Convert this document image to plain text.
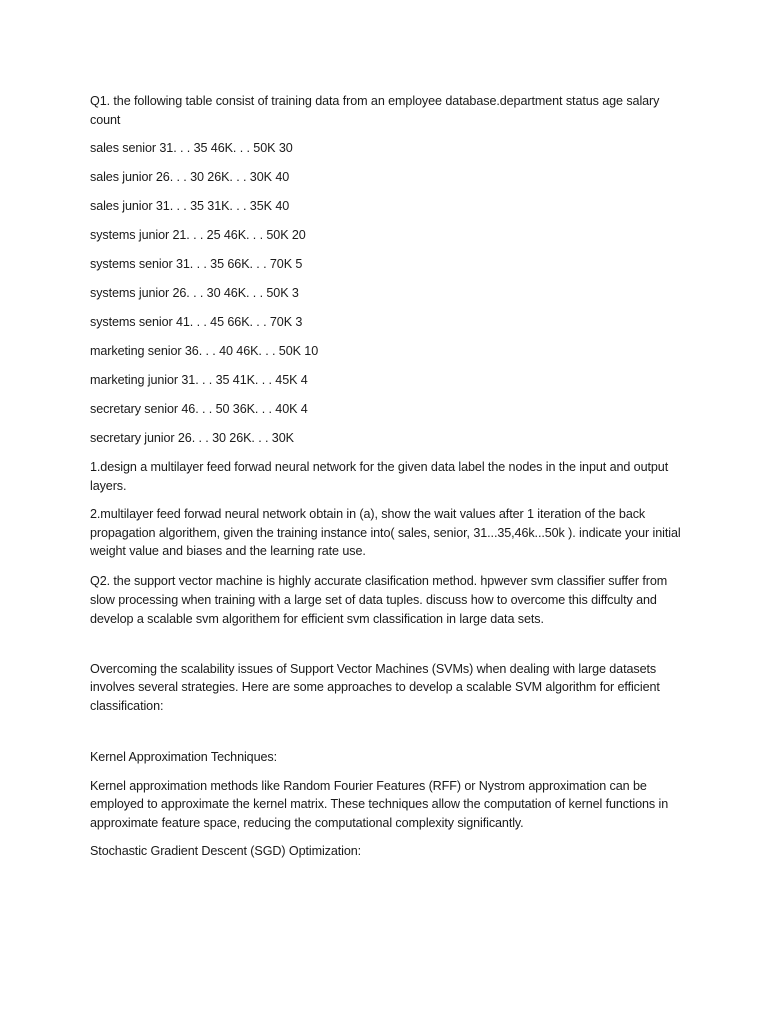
Q1. the following table consist of training data from an employee database.department status age salary count

sales senior 31. . . 35 46K. . . 50K 30

sales junior 26. . . 30 26K. . . 30K 40

sales junior 31. . . 35 31K. . . 35K 40

systems junior 21. . . 25 46K. . . 50K 20

systems senior 31. . . 35 66K. . . 70K 5

systems junior 26. . . 30 46K. . . 50K 3

systems senior 41. . . 45 66K. . . 70K 3

marketing senior 36. . . 40 46K. . . 50K 10

marketing junior 31. . . 35 41K. . . 45K 4

secretary senior 46. . . 50 36K. . . 40K 4

secretary junior 26. . . 30 26K. . . 30K

1.design a multilayer feed forwad neural network for the given data label the nodes in the input and output layers.

2.multilayer feed forwad neural network obtain in (a), show the wait values after 1 iteration of the back propagation algorithem, given the training instance into( sales, senior, 31...35,46k...50k ). indicate your initial weight value and biases and the learning rate use.

Q2. the support vector machine is highly accurate clasification method. hpwever svm classifier suffer from slow processing when training with a large set of data tuples. discuss how to overcome this diffculty and develop a scalable svm algorithem for efficient svm classification in large data sets.

Overcoming the scalability issues of Support Vector Machines (SVMs) when dealing with large datasets involves several strategies. Here are some approaches to develop a scalable SVM algorithm for efficient classification:

Kernel Approximation Techniques:

Kernel approximation methods like Random Fourier Features (RFF) or Nystrom approximation can be employed to approximate the kernel matrix. These techniques allow the computation of kernel functions in approximate feature space, reducing the computational complexity significantly.

Stochastic Gradient Descent (SGD) Optimization:
